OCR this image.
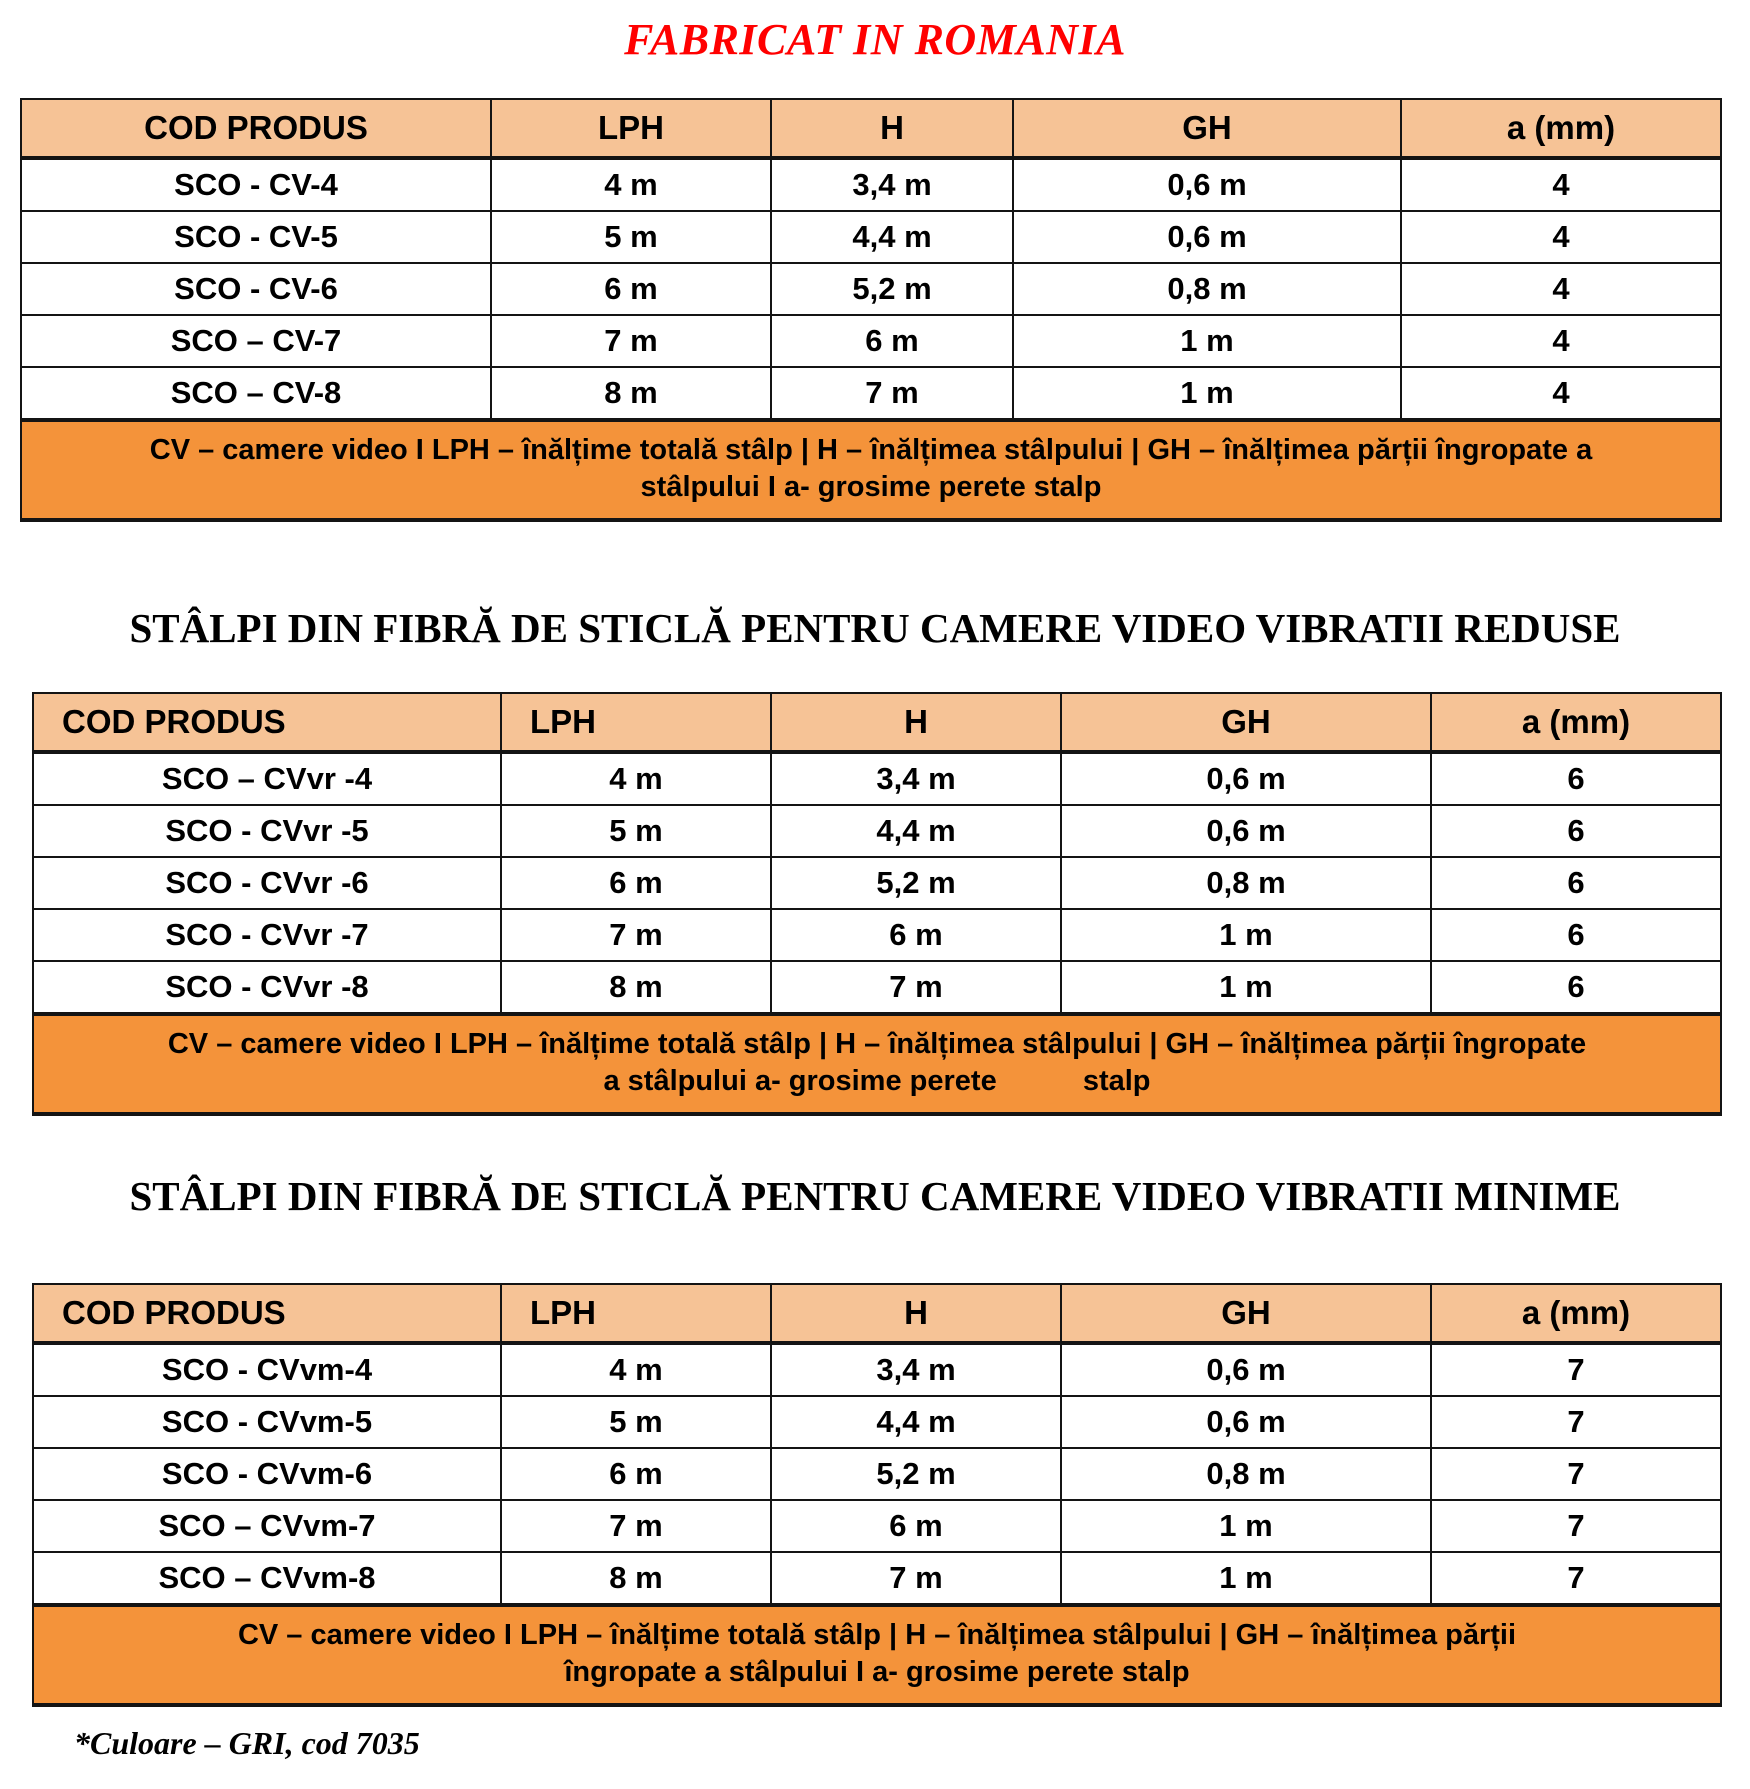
FABRICAT IN ROMANIA
COD PRODUS	LPH	H	GH	a (mm)
SCO - CV-4	4 m	3,4 m	0,6 m	4
SCO - CV-5	5 m	4,4 m	0,6 m	4
SCO - CV-6	6 m	5,2 m	0,8 m	4
SCO – CV-7	7 m	6 m	1 m	4
SCO – CV-8	8 m	7 m	1 m	4

CV – camere video I LPH – înălțime totală stâlp | H – înălțimea stâlpului | GH – înălțimea părții îngropate a
stâlpului I a- grosime perete stalp				
STÂLPI DIN FIBRĂ DE STICLĂ PENTRU CAMERE VIDEO VIBRATII REDUSE
COD PRODUS	LPH	H	GH	a (mm)
SCO – CVvr -4	4 m	3,4 m	0,6 m	6
SCO - CVvr -5	5 m	4,4 m	0,6 m	6
SCO - CVvr -6	6 m	5,2 m	0,8 m	6
SCO - CVvr -7	7 m	6 m	1 m	6
SCO - CVvr -8	8 m	7 m	1 m	6

CV – camere video I LPH – înălțime totală stâlp | H – înălțimea stâlpului | GH – înălțimea părții îngropate
a stâlpului a- grosime perete stalp				
STÂLPI DIN FIBRĂ DE STICLĂ PENTRU CAMERE VIDEO VIBRATII MINIME
COD PRODUS	LPH	H	GH	a (mm)
SCO - CVvm-4	4 m	3,4 m	0,6 m	7
SCO - CVvm-5	5 m	4,4 m	0,6 m	7
SCO - CVvm-6	6 m	5,2 m	0,8 m	7
SCO – CVvm-7	7 m	6 m	1 m	7
SCO – CVvm-8	8 m	7 m	1 m	7

CV – camere video I LPH – înălțime totală stâlp | H – înălțimea stâlpului | GH – înălțimea părții
îngropate a stâlpului I a- grosime perete stalp				

*Culoare – GRI, cod 7035
